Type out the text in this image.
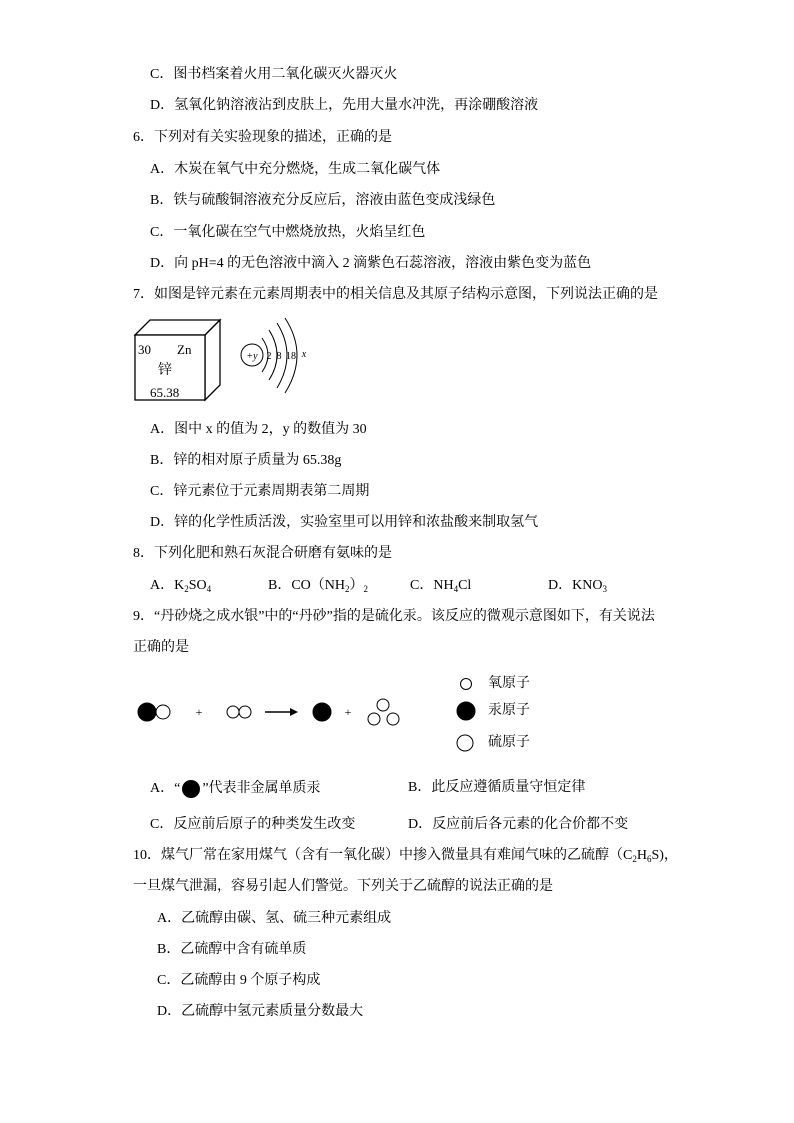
C．图书档案着火用二氧化碳灭火器灭火
D．氢氧化钠溶液沾到皮肤上，先用大量水冲洗，再涂硼酸溶液
6．下列对有关实验现象的描述，正确的是
A．木炭在氧气中充分燃烧，生成二氧化碳气体
B．铁与硫酸铜溶液充分反应后，溶液由蓝色变成浅绿色
C．一氧化碳在空气中燃烧放热，火焰呈红色
D．向 pH=4 的无色溶液中滴入 2 滴紫色石蕊溶液，溶液由紫色变为蓝色
7．如图是锌元素在元素周期表中的相关信息及其原子结构示意图，下列说法正确的是
30 Zn
锌
65.38
+y 2 8 18 x
A．图中 x 的值为 2，y 的数值为 30
B．锌的相对原子质量为 65.38g
C．锌元素位于元素周期表第二周期
D．锌的化学性质活泼，实验室里可以用锌和浓盐酸来制取氢气
8．下列化肥和熟石灰混合研磨有氨味的是
A．$K_2SO_4$	B．$CO(NH_2)_2$	C．$NH_4Cl$	D．$KNO_3$
9．“丹砂烧之成水银”中的“丹砂”指的是硫化汞。该反应的微观示意图如下，有关说法
正确的是
+	+
氧原子
汞原子
硫原子
A．“ ”代表非金属单质汞	B．此反应遵循质量守恒定律
C．反应前后原子的种类发生改变	D．反应前后各元素的化合价都不变
10．煤气厂常在家用煤气（含有一氧化碳）中掺入微量具有难闻气味的乙硫醇$(C_2H_6S)$，
一旦煤气泄漏，容易引起人们警觉。下列关于乙硫醇的说法正确的是
A．乙硫醇由碳、氢、硫三种元素组成
B．乙硫醇中含有硫单质
C．乙硫醇由 9 个原子构成
D．乙硫醇中氢元素质量分数最大
